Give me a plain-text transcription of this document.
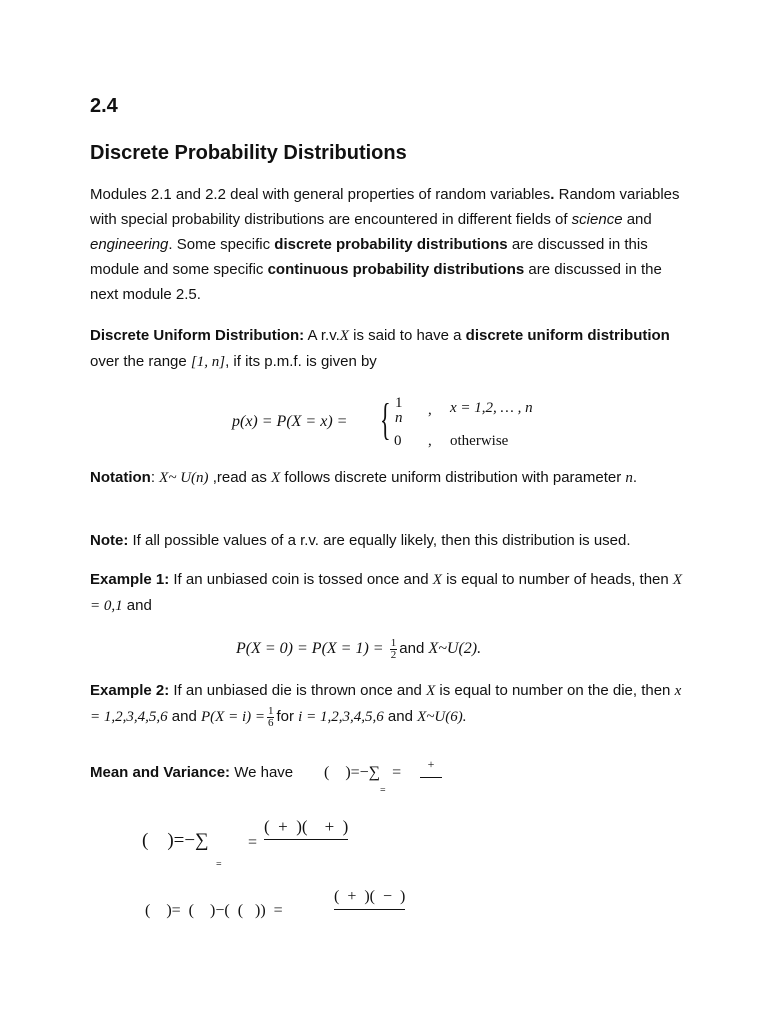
2.4
Discrete Probability Distributions
Modules 2.1 and 2.2 deal with general properties of random variables. Random variables with special probability distributions are encountered in different fields of science and engineering. Some specific discrete probability distributions are discussed in this module and some specific continuous probability distributions are discussed in the next module 2.5.
Discrete Uniform Distribution: A r.v.X is said to have a discrete uniform distribution over the range [1, n], if its p.m.f. is given by
p(x) = P(X = x) = { 1
n , x = 1,2, … , n
0 , otherwise
Notation: X~ U(n) ,read as X follows discrete uniform distribution with parameter n.
Note: If all possible values of a r.v. are equally likely, then this distribution is used.
Example 1: If an unbiased coin is tossed once and X is equal to number of heads, then X = 0,1 and
$P(X = 0) = P(X = 1) = \frac{1}{2}$ and X~U(2).
Example 2: If an unbiased die is thrown once and X is equal to number on the die, then x = 1,2,3,4,5,6 and $P(X = i) = \frac{1}{6}$ for i = 1,2,3,4,5,6 and X~U(6).
Mean and Variance: We have	(    )=−∑   =	+
=
(    )=−∑ =
(  +  )(    +  )
=
(    )=  (    )−(  (   ))  =
(  +  )(  −  )
